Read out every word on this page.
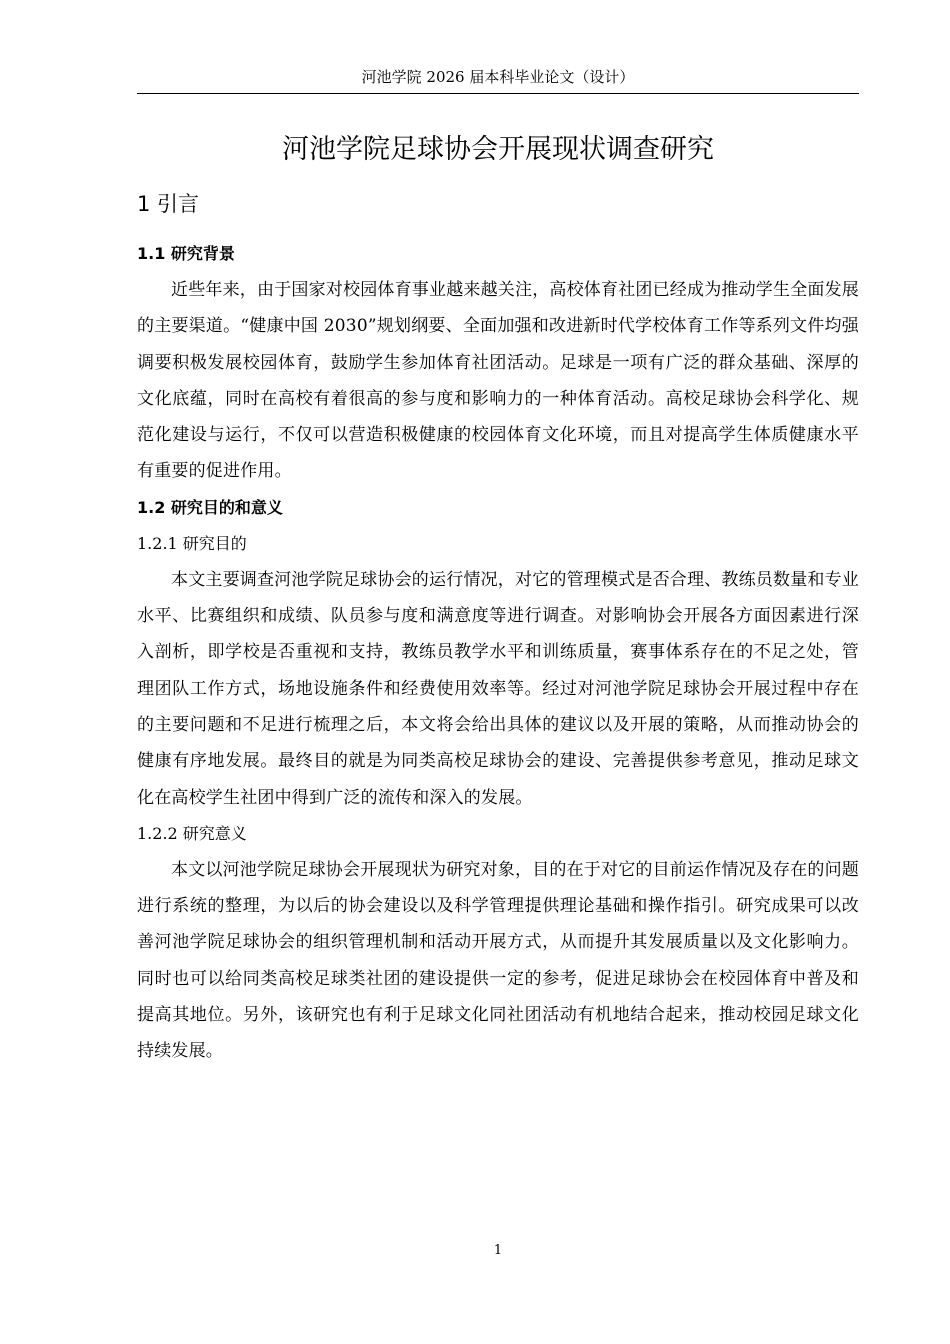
河池学院 2026 届本科毕业论文（设计）
河池学院足球协会开展现状调查研究
1 引言
1.1 研究背景

近些年来，由于国家对校园体育事业越来越关注，高校体育社团已经成为推动学生全面发展的主要渠道。“健康中国 2030”规划纲要、全面加强和改进新时代学校体育工作等系列文件均强调要积极发展校园体育，鼓励学生参加体育社团活动。足球是一项有广泛的群众基础、深厚的文化底蕴，同时在高校有着很高的参与度和影响力的一种体育活动。高校足球协会科学化、规范化建设与运行，不仅可以营造积极健康的校园体育文化环境，而且对提高学生体质健康水平有重要的促进作用。

1.2 研究目的和意义
1.2.1 研究目的

本文主要调查河池学院足球协会的运行情况，对它的管理模式是否合理、教练员数量和专业水平、比赛组织和成绩、队员参与度和满意度等进行调查。对影响协会开展各方面因素进行深入剖析，即学校是否重视和支持，教练员教学水平和训练质量，赛事体系存在的不足之处，管理团队工作方式，场地设施条件和经费使用效率等。经过对河池学院足球协会开展过程中存在的主要问题和不足进行梳理之后，本文将会给出具体的建议以及开展的策略，从而推动协会的健康有序地发展。最终目的就是为同类高校足球协会的建设、完善提供参考意见，推动足球文化在高校学生社团中得到广泛的流传和深入的发展。

1.2.2 研究意义

本文以河池学院足球协会开展现状为研究对象，目的在于对它的目前运作情况及存在的问题进行系统的整理，为以后的协会建设以及科学管理提供理论基础和操作指引。研究成果可以改善河池学院足球协会的组织管理机制和活动开展方式，从而提升其发展质量以及文化影响力。同时也可以给同类高校足球类社团的建设提供一定的参考，促进足球协会在校园体育中普及和提高其地位。另外，该研究也有利于足球文化同社团活动有机地结合起来，推动校园足球文化持续发展。

1
